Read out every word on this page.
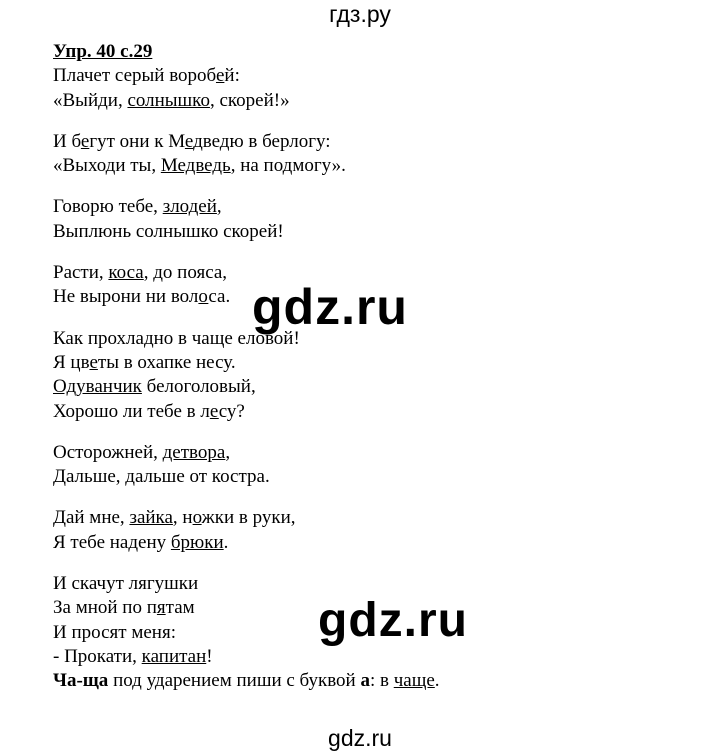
гдз.ру
Упр. 40 с.29
Плачет серый воробей:
«Выйди, солнышко, скорей!»
И бегут они к Медведю в берлогу:
«Выходи ты, Медведь, на подмогу».
Говорю тебе, злодей,
Выплюнь солнышко скорей!
Расти, коса, до пояса,
Не вырони ни волоса.
Как прохладно в чаще еловой!
Я цветы в охапке несу.
Одуванчик белоголовый,
Хорошо ли тебе в лесу?
Осторожней, детвора,
Дальше, дальше от костра.
Дай мне, зайка, ножки в руки,
Я тебе надену брюки.
И скачут лягушки
За мной по пятам
И просят меня:
- Прокати, капитан!
Ча-ща под ударением пиши с буквой а: в чаще.
gdz.ru
gdz.ru
gdz.ru
